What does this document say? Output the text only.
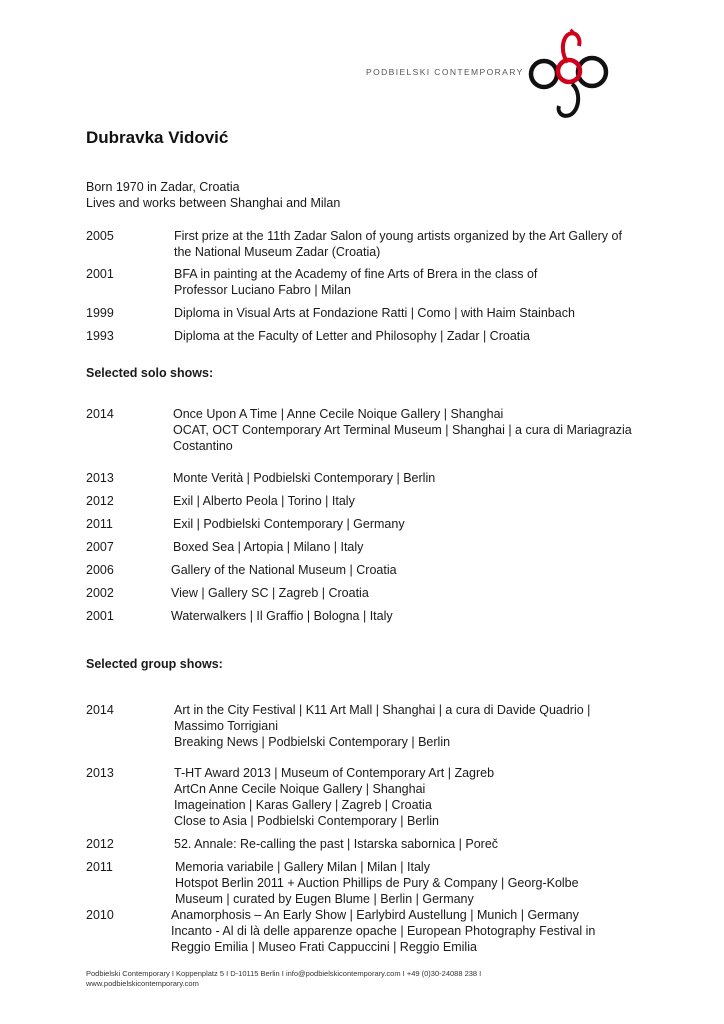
PODBIELSKI CONTEMPORARY
Dubravka Vidović
Born 1970 in Zadar, Croatia
Lives and works between Shanghai and Milan
2005	First prize at the 11th Zadar Salon of young artists organized by the Art Gallery of
the National Museum Zadar (Croatia)
2001	BFA in painting at the Academy of fine Arts of Brera in the class of
Professor Luciano Fabro | Milan
1999	Diploma in Visual Arts at Fondazione Ratti | Como | with Haim Stainbach
1993	Diploma at the Faculty of Letter and Philosophy | Zadar | Croatia
Selected solo shows:
2014	Once Upon A Time | Anne Cecile Noique Gallery | Shanghai
OCAT, OCT Contemporary Art Terminal Museum | Shanghai | a cura di Mariagrazia
Costantino
2013	Monte Verità | Podbielski Contemporary | Berlin
2012	Exil | Alberto Peola | Torino | Italy
2011	Exil | Podbielski Contemporary | Germany
2007	Boxed Sea | Artopia | Milano | Italy
2006	Gallery of the National Museum | Croatia
2002	View | Gallery SC | Zagreb | Croatia
2001	Waterwalkers | Il Graffio | Bologna | Italy
Selected group shows:
2014	Art in the City Festival | K11 Art Mall | Shanghai | a cura di Davide Quadrio |
Massimo Torrigiani
Breaking News | Podbielski Contemporary | Berlin
2013	T-HT Award 2013 | Museum of Contemporary Art | Zagreb
ArtCn Anne Cecile Noique Gallery | Shanghai
Imageination | Karas Gallery | Zagreb | Croatia
Close to Asia | Podbielski Contemporary | Berlin
2012	52. Annale: Re-calling the past | Istarska sabornica | Poreč
2011	Memoria variabile | Gallery Milan | Milan | Italy
Hotspot Berlin 2011 + Auction Phillips de Pury & Company | Georg-Kolbe
Museum | curated by Eugen Blume | Berlin | Germany
2010	Anamorphosis – An Early Show | Earlybird Austellung | Munich | Germany
Incanto - Al di là delle apparenze opache | European Photography Festival in
Reggio Emilia | Museo Frati Cappuccini | Reggio Emilia
Podbielski Contemporary I Koppenplatz 5 I D-10115 Berlin I info@podbielskicontemporary.com I +49 (0)30-24088 238 I
www.podbielskicontemporary.com
